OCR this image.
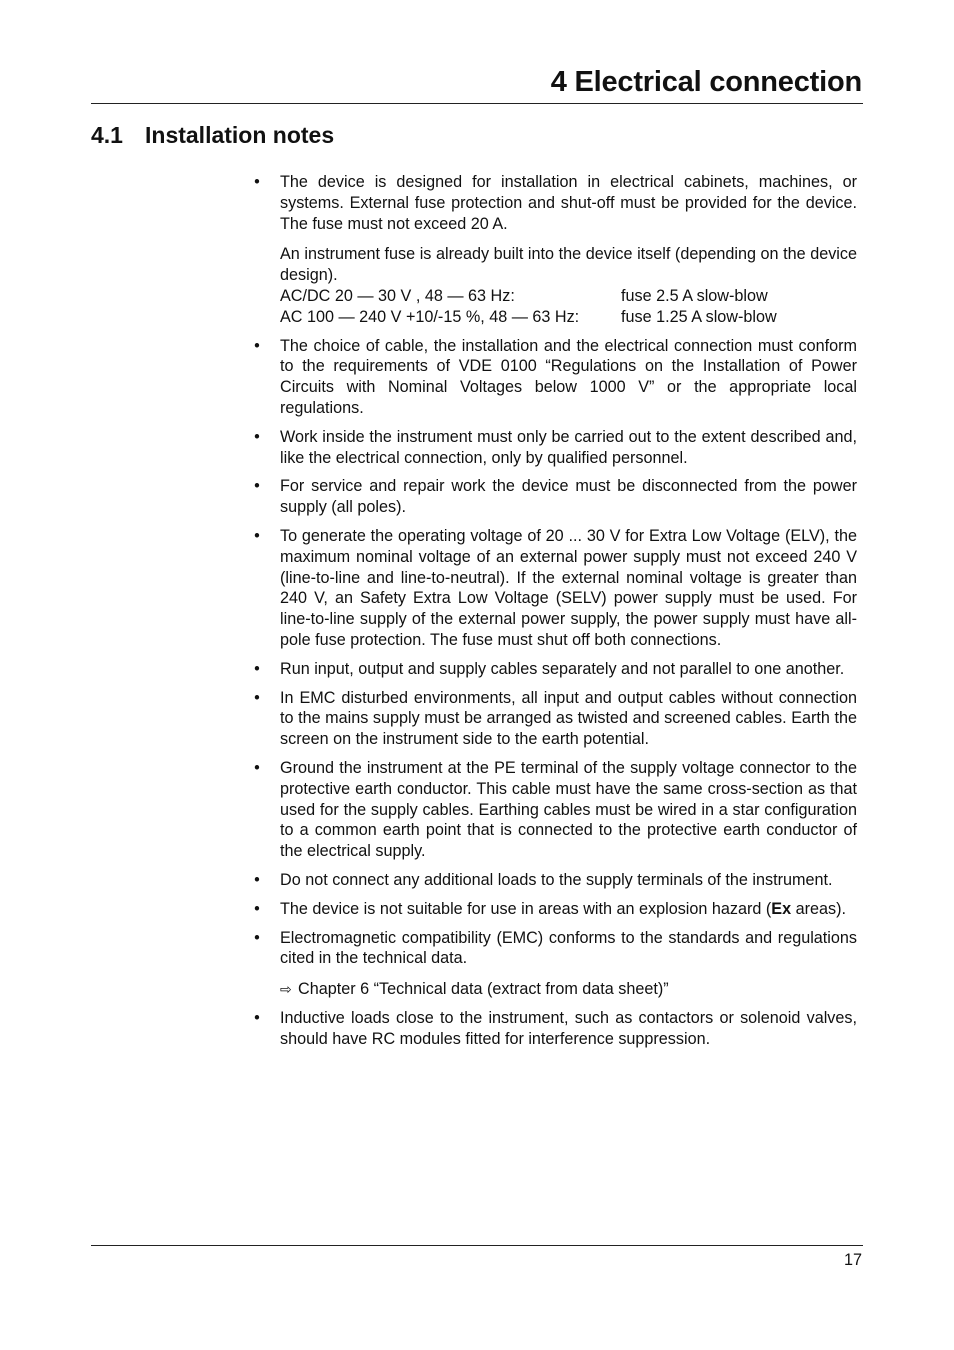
4 Electrical connection
4.1 Installation notes
• The device is designed for installation in electrical cabinets, machines, or systems. External fuse protection and shut-off must be provided for the device. The fuse must not exceed 20 A.

An instrument fuse is already built into the device itself (depending on the device design).

AC/DC 20 — 30 V , 48 — 63 Hz:	fuse 2.5 A slow-blow
AC 100 — 240 V +10/-15 %, 48 — 63 Hz:	fuse 1.25 A slow-blow
• The choice of cable, the installation and the electrical connection must conform to the requirements of VDE 0100 “Regulations on the Installation of Power Circuits with Nominal Voltages below 1000 V” or the appropriate local regulations.

• Work inside the instrument must only be carried out to the extent described and, like the electrical connection, only by qualified personnel.

• For service and repair work the device must be disconnected from the power supply (all poles).

• To generate the operating voltage of 20 ... 30 V for Extra Low Voltage (ELV), the maximum nominal voltage of an external power supply must not exceed 240 V (line-to-line and line-to-neutral). If the external nominal voltage is greater than 240 V, an Safety Extra Low Voltage (SELV) power supply must be used. For line-to-line supply of the external power supply, the power supply must have all-pole fuse protection. The fuse must shut off both connections.

• Run input, output and supply cables separately and not parallel to one another.

• In EMC disturbed environments, all input and output cables without connection to the mains supply must be arranged as twisted and screened cables. Earth the screen on the instrument side to the earth potential.

• Ground the instrument at the PE terminal of the supply voltage connector to the protective earth conductor. This cable must have the same cross-section as that used for the supply cables. Earthing cables must be wired in a star configuration to a common earth point that is connected to the protective earth conductor of the electrical supply.

• Do not connect any additional loads to the supply terminals of the instrument.

• The device is not suitable for use in areas with an explosion hazard (Ex areas).

• Electromagnetic compatibility (EMC) conforms to the standards and regulations cited in the technical data.

⇨ Chapter 6 “Technical data (extract from data sheet)”

• Inductive loads close to the instrument, such as contactors or solenoid valves, should have RC modules fitted for interference suppression.

17
